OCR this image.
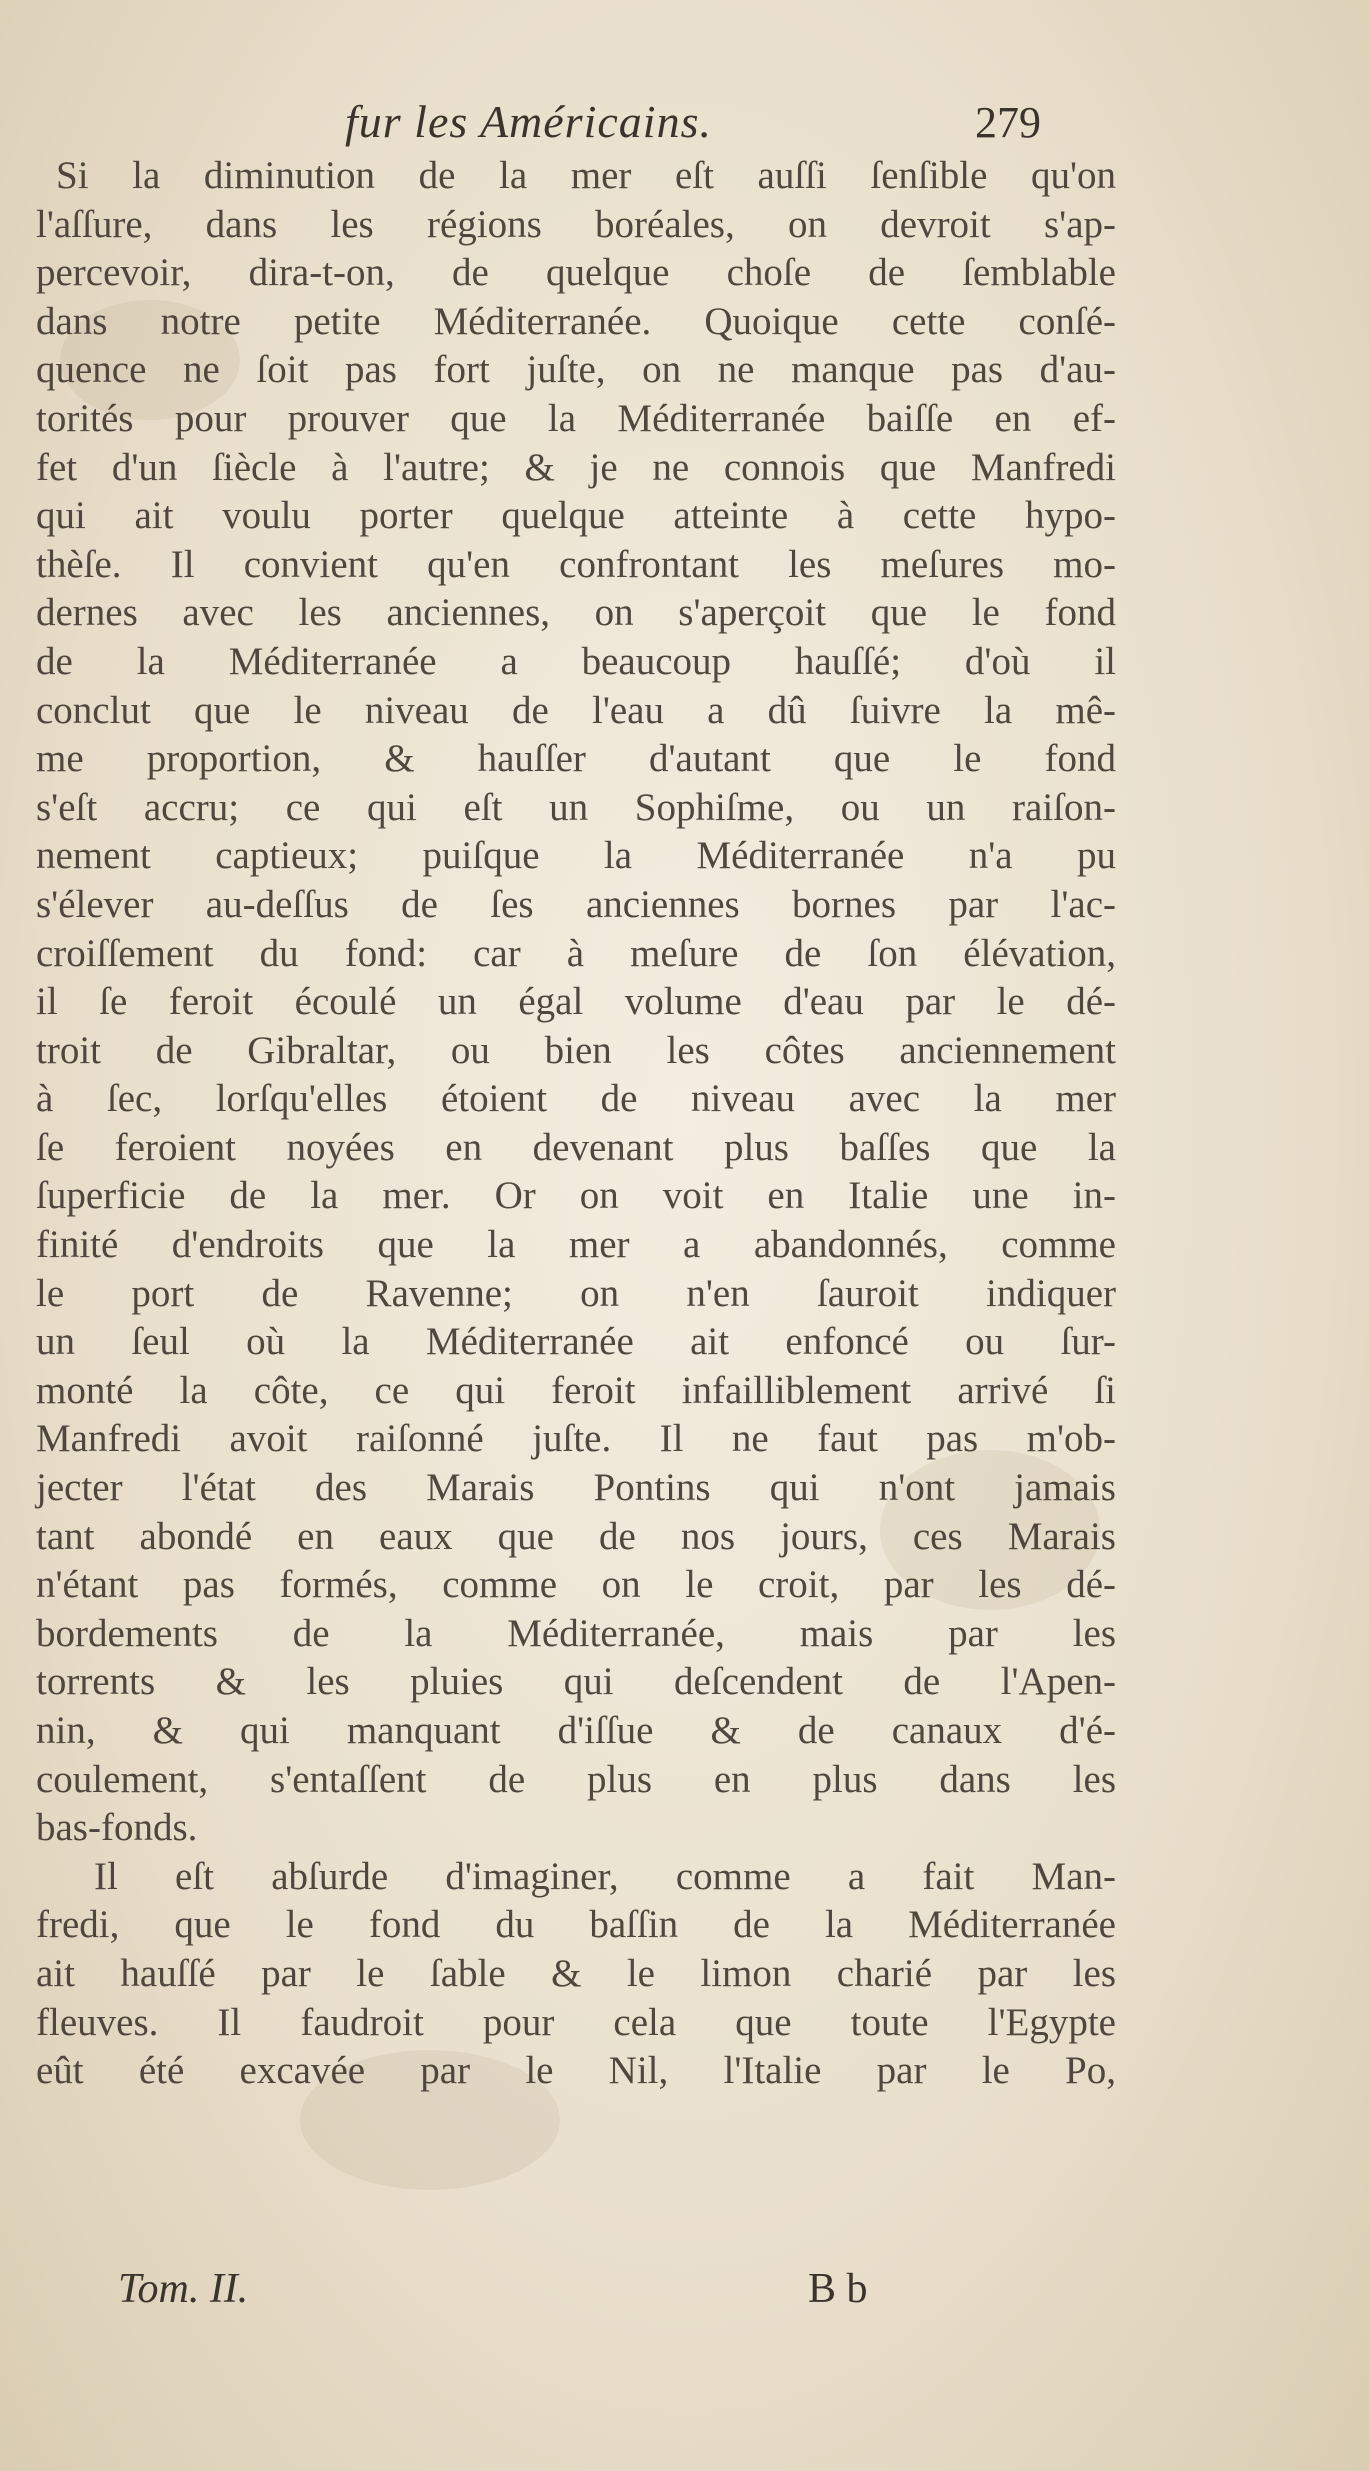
fur les Américains.	279
Si la diminution de la mer eſt auſſi ſenſible qu'on
l'aſſure, dans les régions boréales, on devroit s'ap-
percevoir, dira-t-on, de quelque choſe de ſemblable
dans notre petite Méditerranée. Quoique cette conſé-
quence ne ſoit pas fort juſte, on ne manque pas d'au-
torités pour prouver que la Méditerranée baiſſe en ef-
fet d'un ſiècle à l'autre; & je ne connois que Manfredi
qui ait voulu porter quelque atteinte à cette hypo-
thèſe. Il convient qu'en confrontant les meſures mo-
dernes avec les anciennes, on s'aperçoit que le fond
de la Méditerranée a beaucoup hauſſé; d'où il
conclut que le niveau de l'eau a dû ſuivre la mê-
me proportion, & hauſſer d'autant que le fond
s'eſt accru; ce qui eſt un Sophiſme, ou un raiſon-
nement captieux; puiſque la Méditerranée n'a pu
s'élever au-deſſus de ſes anciennes bornes par l'ac-
croiſſement du fond: car à meſure de ſon élévation,
il ſe feroit écoulé un égal volume d'eau par le dé-
troit de Gibraltar, ou bien les côtes anciennement
à ſec, lorſqu'elles étoient de niveau avec la mer
ſe feroient noyées en devenant plus baſſes que la
ſuperficie de la mer. Or on voit en Italie une in-
finité d'endroits que la mer a abandonnés, comme
le port de Ravenne; on n'en ſauroit indiquer
un ſeul où la Méditerranée ait enfoncé ou ſur-
monté la côte, ce qui feroit infailliblement arrivé ſi
Manfredi avoit raiſonné juſte. Il ne faut pas m'ob-
jecter l'état des Marais Pontins qui n'ont jamais
tant abondé en eaux que de nos jours, ces Marais
n'étant pas formés, comme on le croit, par les dé-
bordements de la Méditerranée, mais par les
torrents & les pluies qui deſcendent de l'Apen-
nin, & qui manquant d'iſſue & de canaux d'é-
coulement, s'entaſſent de plus en plus dans les
bas-fonds.
Il eſt abſurde d'imaginer, comme a fait Man-
fredi, que le fond du baſſin de la Méditerranée
ait hauſſé par le ſable & le limon charié par les
fleuves. Il faudroit pour cela que toute l'Egypte
eût été excavée par le Nil, l'Italie par le Po,
Tom. II.	B b
